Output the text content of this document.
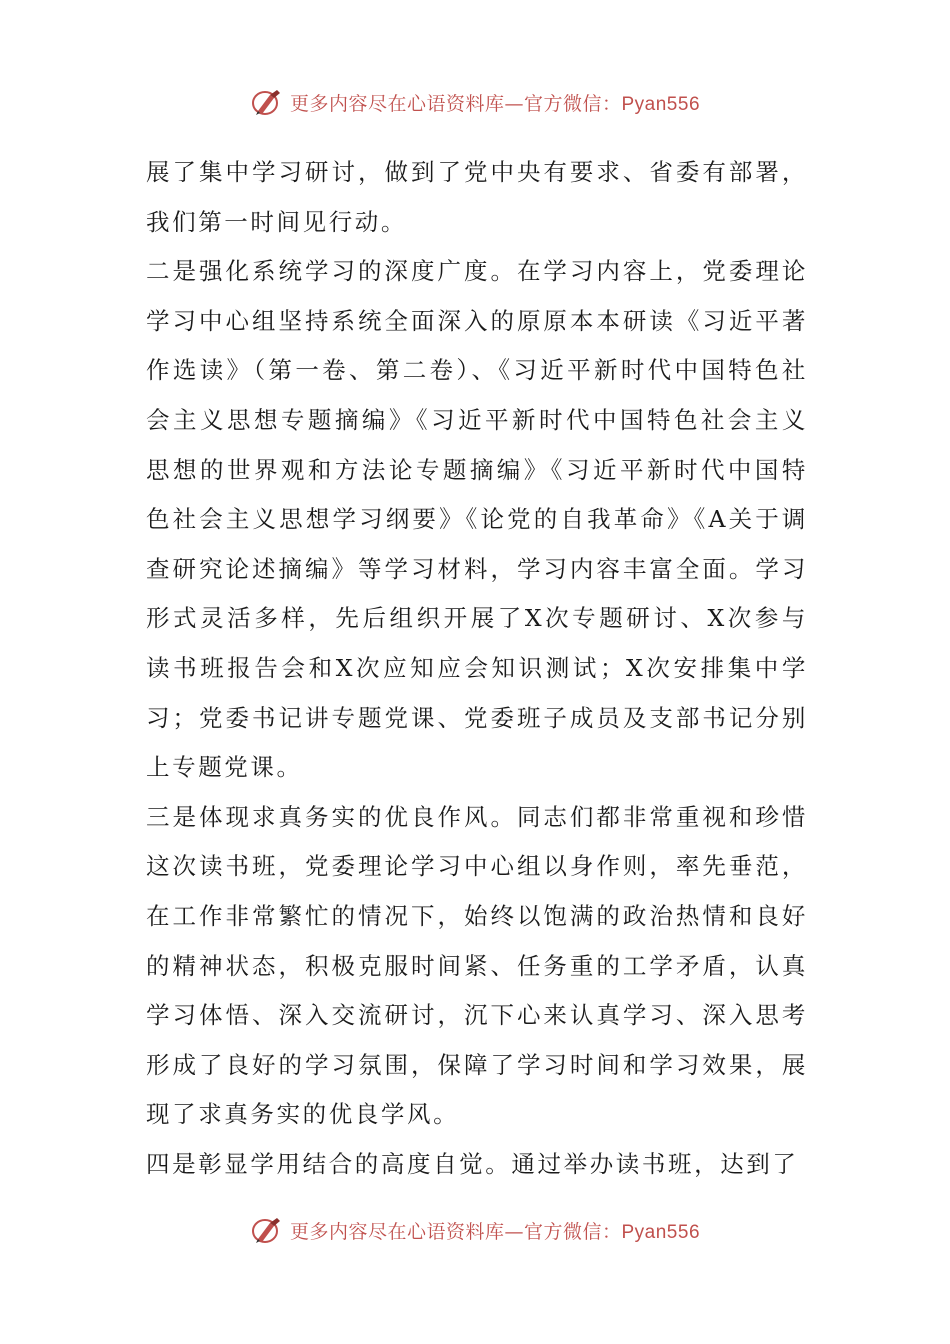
更多内容尽在心语资料库—官方微信：Pyan556

展了集中学习研讨，做到了党中央有要求、省委有部署，我们第一时间见行动。

二是强化系统学习的深度广度。在学习内容上，党委理论学习中心组坚持系统全面深入的原原本本研读《习近平著作选读》（第一卷、第二卷）、《习近平新时代中国特色社会主义思想专题摘编》《习近平新时代中国特色社会主义思想的世界观和方法论专题摘编》《习近平新时代中国特色社会主义思想学习纲要》《论党的自我革命》《A关于调查研究论述摘编》等学习材料，学习内容丰富全面。学习形式灵活多样，先后组织开展了X次专题研讨、X次参与读书班报告会和X次应知应会知识测试；X次安排集中学习；党委书记讲专题党课、党委班子成员及支部书记分别上专题党课。

三是体现求真务实的优良作风。同志们都非常重视和珍惜这次读书班，党委理论学习中心组以身作则，率先垂范，在工作非常繁忙的情况下，始终以饱满的政治热情和良好的精神状态，积极克服时间紧、任务重的工学矛盾，认真学习体悟、深入交流研讨，沉下心来认真学习、深入思考形成了良好的学习氛围，保障了学习时间和学习效果，展现了求真务实的优良学风。

四是彰显学用结合的高度自觉。通过举办读书班，达到了

更多内容尽在心语资料库—官方微信：Pyan556
